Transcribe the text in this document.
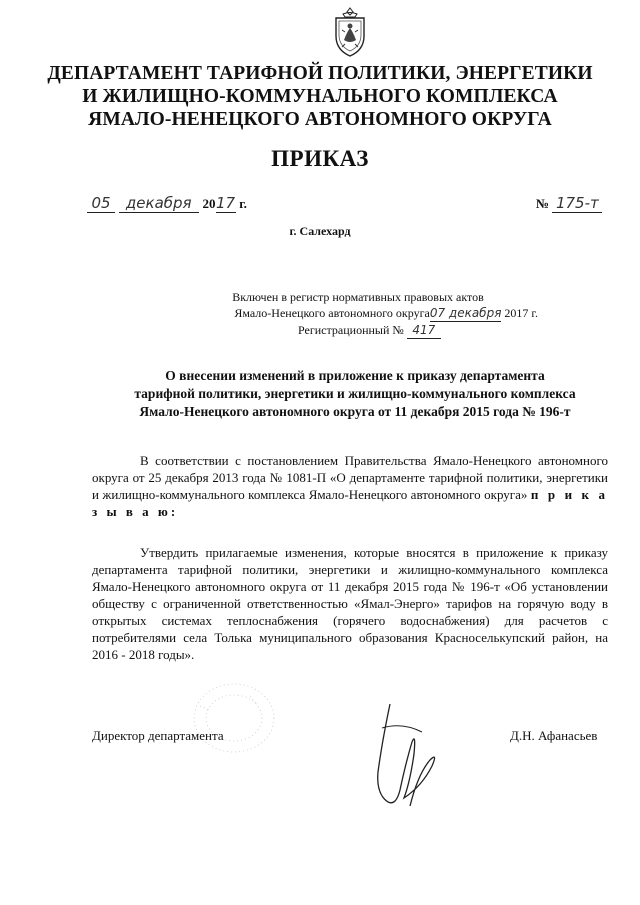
ДЕПАРТАМЕНТ ТАРИФНОЙ ПОЛИТИКИ, ЭНЕРГЕТИКИ
И ЖИЛИЩНО-КОММУНАЛЬНОГО КОМПЛЕКСА
ЯМАЛО-НЕНЕЦКОГО АВТОНОМНОГО ОКРУГА
ПРИКАЗ
05 декабря 2017 г.	№ 175-т
г. Салехард
Включен в регистр нормативных правовых актов
Ямало-Ненецкого автономного округа07 декабря 2017 г.
Регистрационный № 417
О внесении изменений в приложение к приказу департамента
тарифной политики, энергетики и жилищно-коммунального комплекса
Ямало-Ненецкого автономного округа от 11 декабря 2015 года № 196-т
В соответствии с постановлением Правительства Ямало-Ненецкого автономного округа от 25 декабря 2013 года № 1081-П «О департаменте тарифной политики, энергетики и жилищно-коммунального комплекса Ямало-Ненецкого автономного округа» п р и к а з ы в а ю:
Утвердить прилагаемые изменения, которые вносятся в приложение к приказу департамента тарифной политики, энергетики и жилищно-коммунального комплекса Ямало-Ненецкого автономного округа от 11 декабря 2015 года № 196-т «Об установлении обществу с ограниченной ответственностью «Ямал-Энерго» тарифов на горячую воду в открытых системах теплоснабжения (горячего водоснабжения) для расчетов с потребителями села Толька муниципального образования Красноселькупский район, на 2016 - 2018 годы».
Директор департамента	Д.Н. Афанасьев
